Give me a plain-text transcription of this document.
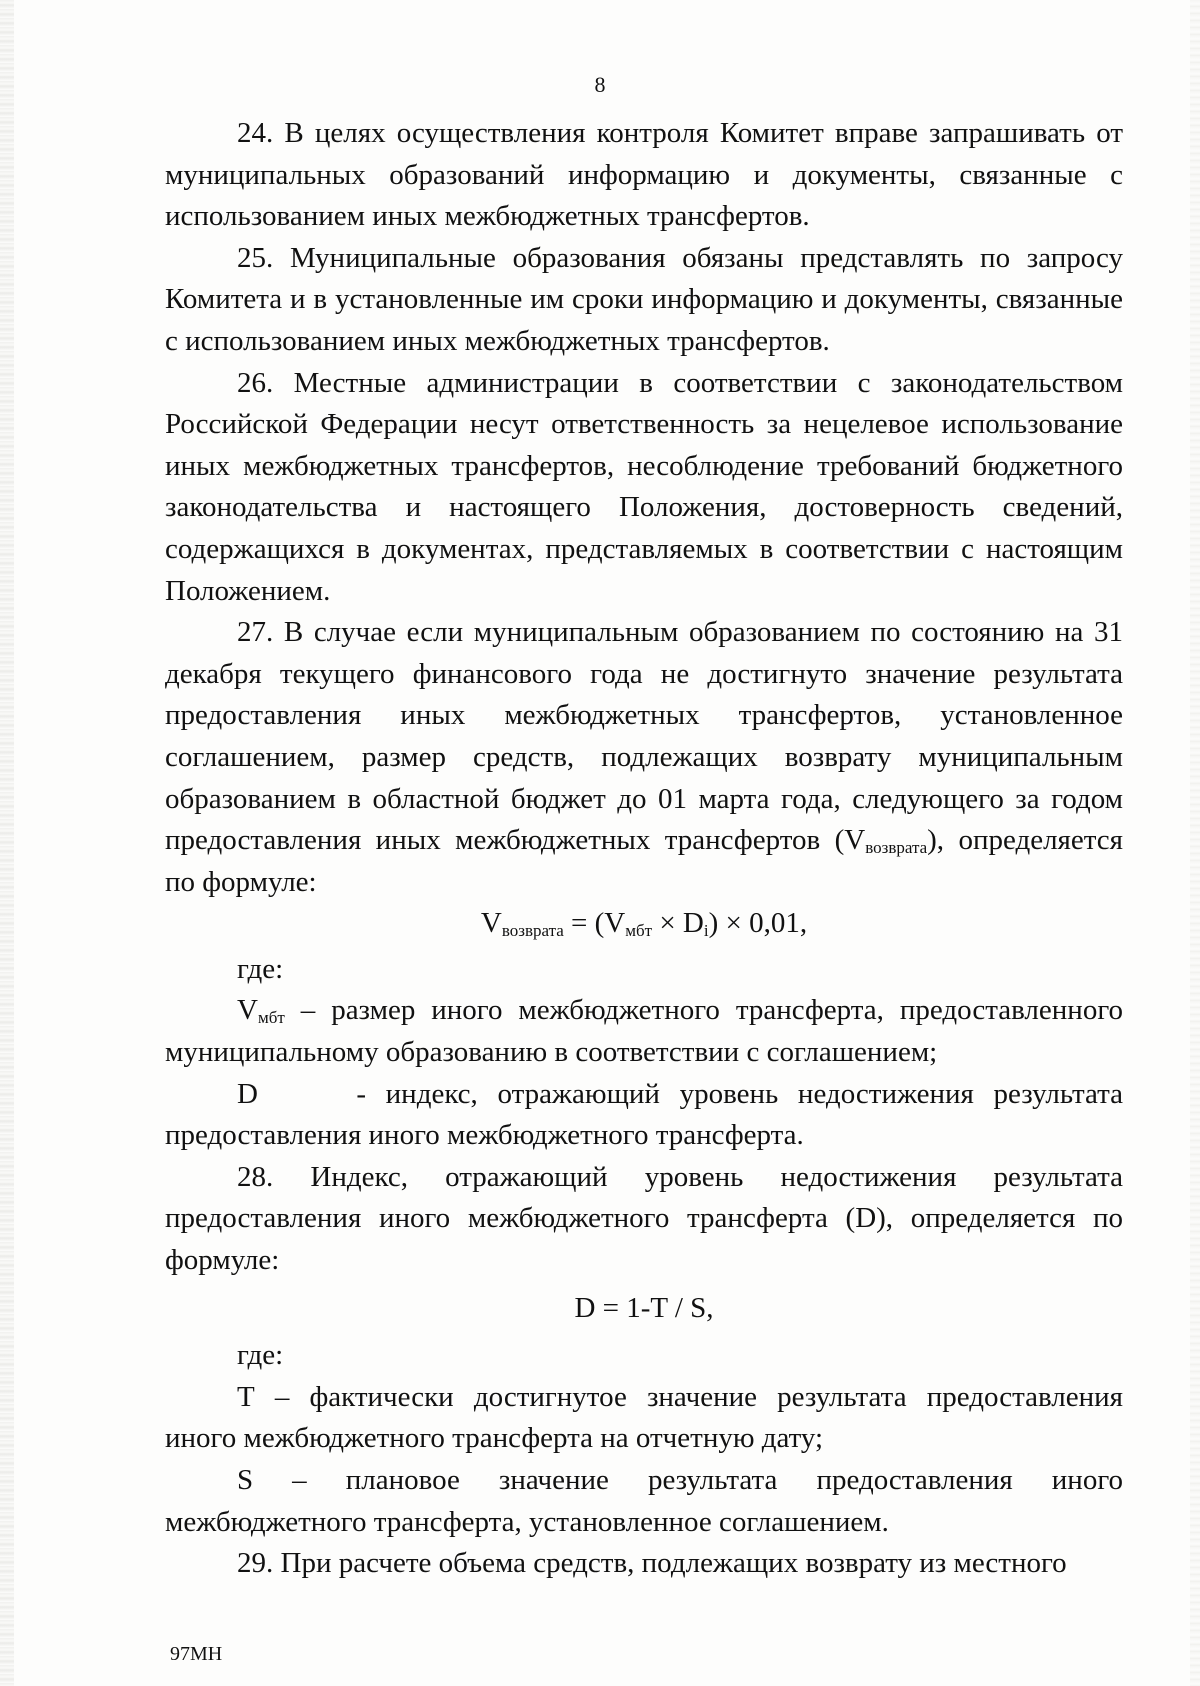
8

24. В целях осуществления контроля Комитет вправе запрашивать от муниципальных образований информацию и документы, связанные с использованием иных межбюджетных трансфертов.

25. Муниципальные образования обязаны представлять по запросу Комитета и в установленные им сроки информацию и документы, связанные с использованием иных межбюджетных трансфертов.

26. Местные администрации в соответствии с законодательством Российской Федерации несут ответственность за нецелевое использование иных межбюджетных трансфертов, несоблюдение требований бюджетного законодательства и настоящего Положения, достоверность сведений, содержащихся в документах, представляемых в соответствии с настоящим Положением.

27. В случае если муниципальным образованием по состоянию на 31 декабря текущего финансового года не достигнуто значение результата предоставления иных межбюджетных трансфертов, установленное соглашением, размер средств, подлежащих возврату муниципальным образованием в областной бюджет до 01 марта года, следующего за годом предоставления иных межбюджетных трансфертов $(V_{возврата})$, определяется по формуле:

$V_{возврата} = (V_{мбт} \times D_i) \times 0,01$,

где:

$V_{мбт}$ – размер иного межбюджетного трансферта, предоставленного муниципальному образованию в соответствии с соглашением;

D     - индекс, отражающий уровень недостижения результата предоставления иного межбюджетного трансферта.

28. Индекс, отражающий уровень недостижения результата предоставления иного межбюджетного трансферта (D), определяется по формуле:

D = 1-T / S,

где:

Т – фактически достигнутое значение результата предоставления иного межбюджетного трансферта на отчетную дату;

S – плановое значение результата предоставления иного межбюджетного трансферта, установленное соглашением.

29. При расчете объема средств, подлежащих возврату из местного

97МН
